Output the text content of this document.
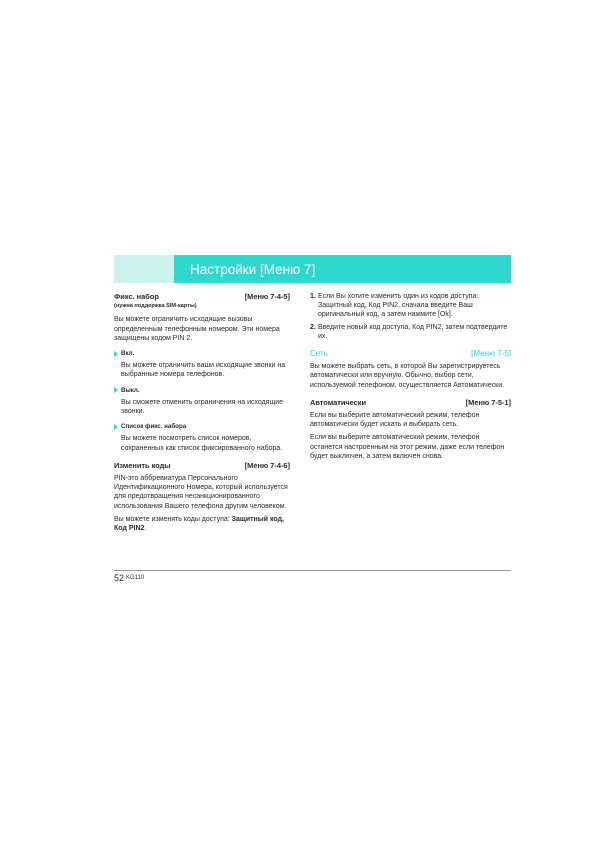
Настройки [Меню 7]
Фикс. набор	[Меню 7-4-5]
(нужна поддержка SIM-карты)

Вы можете ограничить исходящие вызовы определенным телефонным номером. Эти номера защищены кодом PIN 2.

Вкл.

Вы можете ограничить ваши исходящие звонки на выбранные номера телефонов.

Выкл.

Вы сможете отменить ограничения на исходящие звонки.

Список фикс. набора

Вы можете посмотреть список номеров, сохраненных как список фиксированного набора.

Изменить коды	[Меню 7-4-6]

PIN-это аббревиатура Персонального Идентификационного Номера, который используется для предотвращения несанкционированного использования Вашего телефона другим человеком.

Вы можете изменять коды доступа: Защитный код, Код PIN2.

1. Если Вы хотите изменить один из кодов доступа: Защитный код, Код PIN2, сначала введите Ваш оригинальный код, а затем нажмите [Ok].
2. Введите новый код доступа, Код PIN2, затем подтвердите их.
Сеть	[Меню 7-5]

Вы можете выбрать сеть, в которой Вы зарегистрируетесь автоматически или вручную. Обычно, выбор сети, используемой телефоном, осуществляется Автоматически.

Автоматически	[Меню 7-5-1]

Если вы выберите автоматический режим, телефон автоматически будет искать и выбирать сеть.

Если вы выберите автоматический режим, телефон останется настроенным на этот режим, даже если телефон будет выключен, а затем включен снова.

52 KG110
